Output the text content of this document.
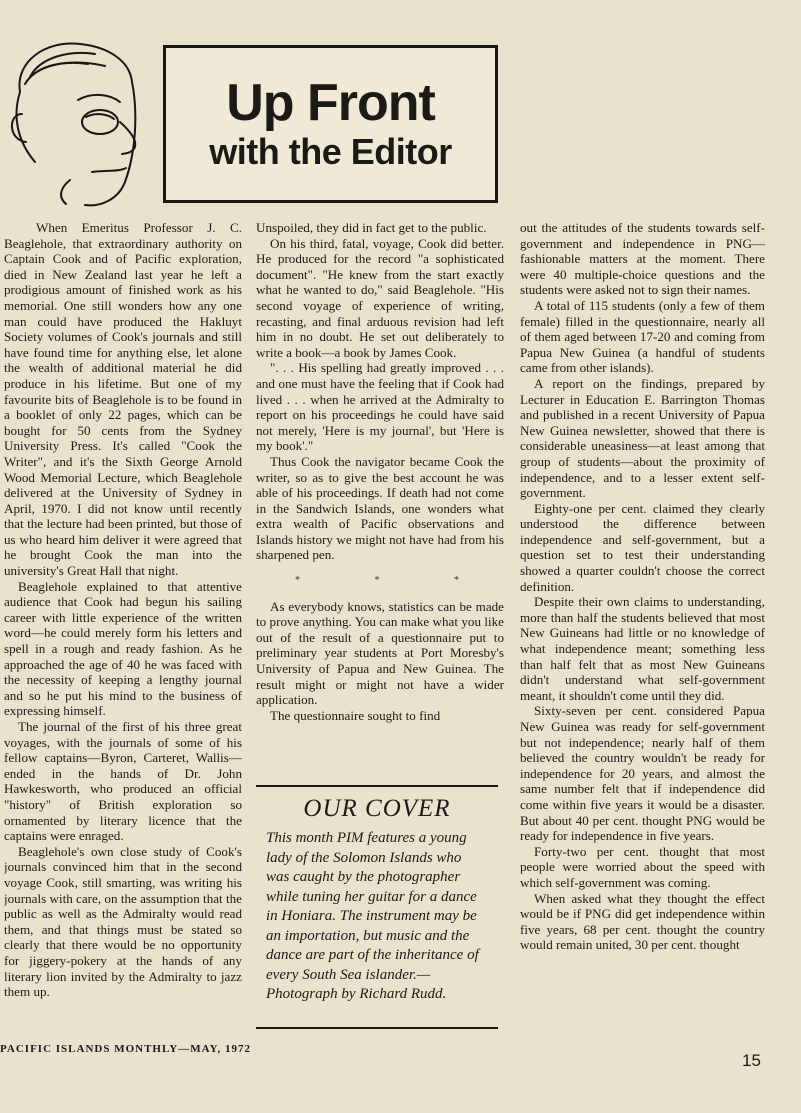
Up Front
with the Editor

When Emeritus Professor J. C. Beaglehole, that extraordinary authority on Captain Cook and of Pacific exploration, died in New Zealand last year he left a prodigious amount of finished work as his memorial. One still wonders how any one man could have produced the Hakluyt Society volumes of Cook's journals and still have found time for anything else, let alone the wealth of additional material he did produce in his lifetime. But one of my favourite bits of Beaglehole is to be found in a booklet of only 22 pages, which can be bought for 50 cents from the Sydney University Press. It's called "Cook the Writer", and it's the Sixth George Arnold Wood Memorial Lecture, which Beaglehole delivered at the University of Sydney in April, 1970. I did not know until recently that the lecture had been printed, but those of us who heard him deliver it were agreed that he brought Cook the man into the university's Great Hall that night.

Beaglehole explained to that attentive audience that Cook had begun his sailing career with little experience of the written word—he could merely form his letters and spell in a rough and ready fashion. As he approached the age of 40 he was faced with the necessity of keeping a lengthy journal and so he put his mind to the business of expressing himself.

The journal of the first of his three great voyages, with the journals of some of his fellow captains—Byron, Carteret, Wallis—ended in the hands of Dr. John Hawkesworth, who produced an official "history" of British exploration so ornamented by literary licence that the captains were enraged.

Beaglehole's own close study of Cook's journals convinced him that in the second voyage Cook, still smarting, was writing his journals with care, on the assumption that the public as well as the Admiralty would read them, and that things must be stated so clearly that there would be no opportunity for jiggery-pokery at the hands of any literary lion invited by the Admiralty to jazz them up.

Unspoiled, they did in fact get to the public.

On his third, fatal, voyage, Cook did better. He produced for the record "a sophisticated document". "He knew from the start exactly what he wanted to do," said Beaglehole. "His second voyage of experience of writing, recasting, and final arduous revision had left him in no doubt. He set out deliberately to write a book—a book by James Cook.

". . . His spelling had greatly improved . . . and one must have the feeling that if Cook had lived . . . when he arrived at the Admiralty to report on his proceedings he could have said not merely, 'Here is my journal', but 'Here is my book'."

Thus Cook the navigator became Cook the writer, so as to give the best account he was able of his proceedings. If death had not come in the Sandwich Islands, one wonders what extra wealth of Pacific observations and Islands history we might not have had from his sharpened pen.

* * *

As everybody knows, statistics can be made to prove anything. You can make what you like out of the result of a questionnaire put to preliminary year students at Port Moresby's University of Papua and New Guinea. The result might or might not have a wider application.

The questionnaire sought to find

OUR COVER
This month PIM features a young lady of the Solomon Islands who was caught by the photographer while tuning her guitar for a dance in Honiara. The instrument may be an importation, but music and the dance are part of the inheritance of every South Sea islander.—Photograph by Richard Rudd.

out the attitudes of the students towards self-government and independence in PNG—fashionable matters at the moment. There were 40 multiple-choice questions and the students were asked not to sign their names.

A total of 115 students (only a few of them female) filled in the questionnaire, nearly all of them aged between 17-20 and coming from Papua New Guinea (a handful of students came from other islands).

A report on the findings, prepared by Lecturer in Education E. Barrington Thomas and published in a recent University of Papua New Guinea newsletter, showed that there is considerable uneasiness—at least among that group of students—about the proximity of independence, and to a lesser extent self-government.

Eighty-one per cent. claimed they clearly understood the difference between independence and self-government, but a question set to test their understanding showed a quarter couldn't choose the correct definition.

Despite their own claims to understanding, more than half the students believed that most New Guineans had little or no knowledge of what independence meant; something less than half felt that as most New Guineans didn't understand what self-government meant, it shouldn't come until they did.

Sixty-seven per cent. considered Papua New Guinea was ready for self-government but not independence; nearly half of them believed the country wouldn't be ready for independence for 20 years, and almost the same number felt that if independence did come within five years it would be a disaster. But about 40 per cent. thought PNG would be ready for independence in five years.

Forty-two per cent. thought that most people were worried about the speed with which self-government was coming.

When asked what they thought the effect would be if PNG did get independence within five years, 68 per cent. thought the country would remain united, 30 per cent. thought

PACIFIC ISLANDS MONTHLY—MAY, 1972
15
